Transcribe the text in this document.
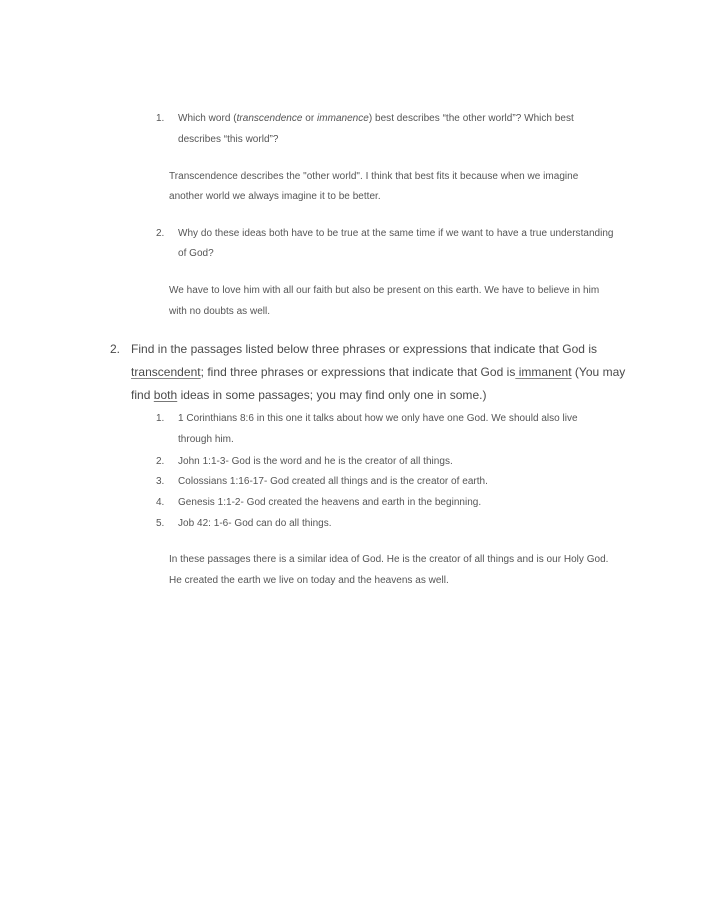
1. Which word (transcendence or immanence) best describes “the other world”? Which best
describes “this world”?
Transcendence describes the "other world". I think that best fits it because when we imagine
another world we always imagine it to be better.
2. Why do these ideas both have to be true at the same time if we want to have a true understanding
of God?
We have to love him with all our faith but also be present on this earth. We have to believe in him
with no doubts as well.
2. Find in the passages listed below three phrases or expressions that indicate that God is
transcendent; find three phrases or expressions that indicate that God is immanent (You may
find both ideas in some passages; you may find only one in some.)
1. 1 Corinthians 8:6 in this one it talks about how we only have one God. We should also live
through him.
2. John 1:1-3- God is the word and he is the creator of all things.
3. Colossians 1:16-17- God created all things and is the creator of earth.
4. Genesis 1:1-2- God created the heavens and earth in the beginning.
5. Job 42: 1-6- God can do all things.
In these passages there is a similar idea of God. He is the creator of all things and is our Holy God.
He created the earth we live on today and the heavens as well.
